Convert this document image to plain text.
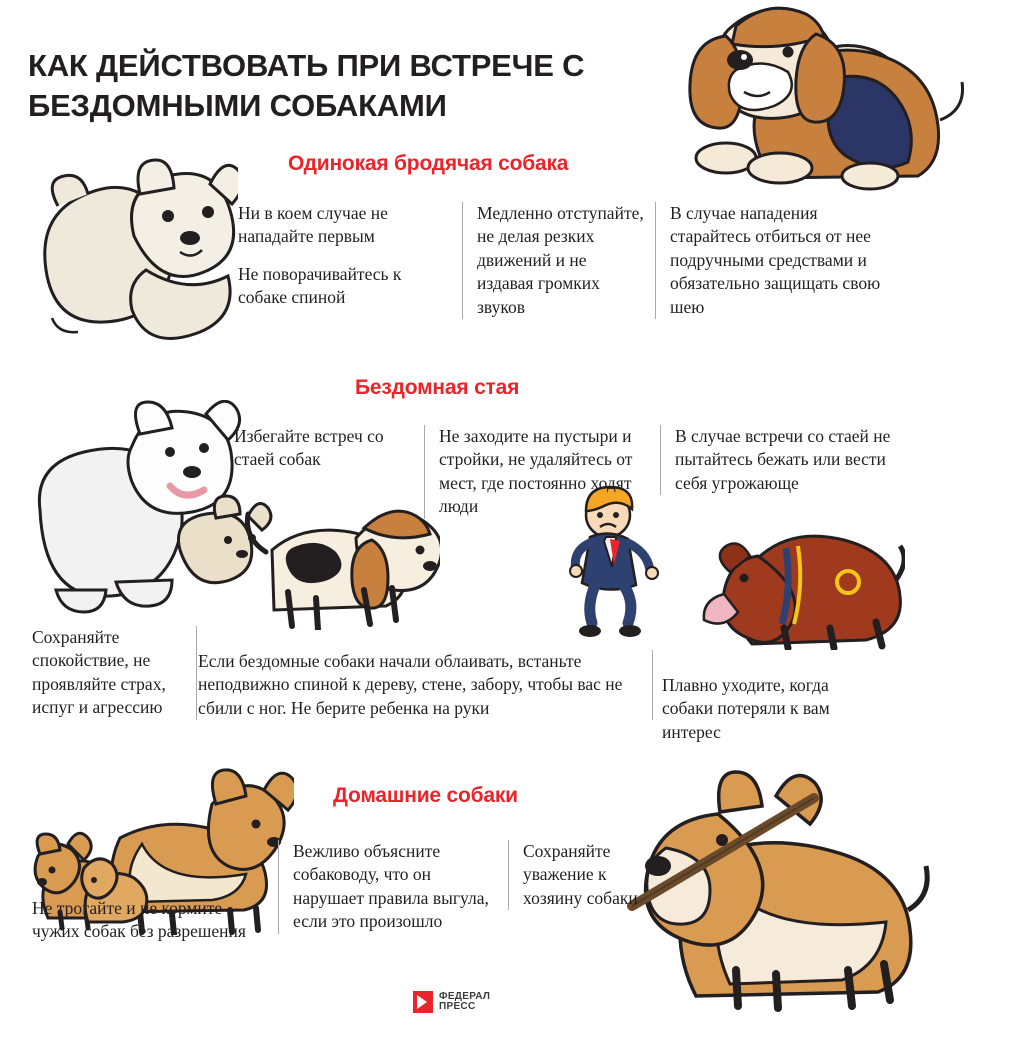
КАК ДЕЙСТВОВАТЬ ПРИ ВСТРЕЧЕ С БЕЗДОМНЫМИ СОБАКАМИ
Одинокая бродячая собака

Ни в коем случае не нападайте первым

Не поворачивайтесь к собаке спиной

Медленно отступайте, не делая резких движений и не издавая громких звуков

В случае нападения старайтесь отбиться от нее подручными средствами и обязательно защищать свою шею

Бездомная стая

Избегайте встреч со стаей собак

Не заходите на пустыри и стройки, не удаляйтесь от мест, где постоянно ходят люди

В случае встречи со стаей не пытайтесь бежать или вести себя угрожающе

Сохраняйте спокойствие, не проявляйте страх, испуг и агрессию

Если бездомные собаки начали облаивать, встаньте неподвижно спиной к дереву, стене, забору, чтобы вас не сбили с ног. Не берите ребенка на руки

Плавно уходите, когда собаки потеряли к вам интерес

Домашние собаки

Не трогайте и не кормите чужих собак без разрешения

Вежливо объясните собаководу, что он нарушает правила выгула, если это произошло

Сохраняйте уважение к хозяину собаки

ФЕДЕРАЛ
ПРЕСС
